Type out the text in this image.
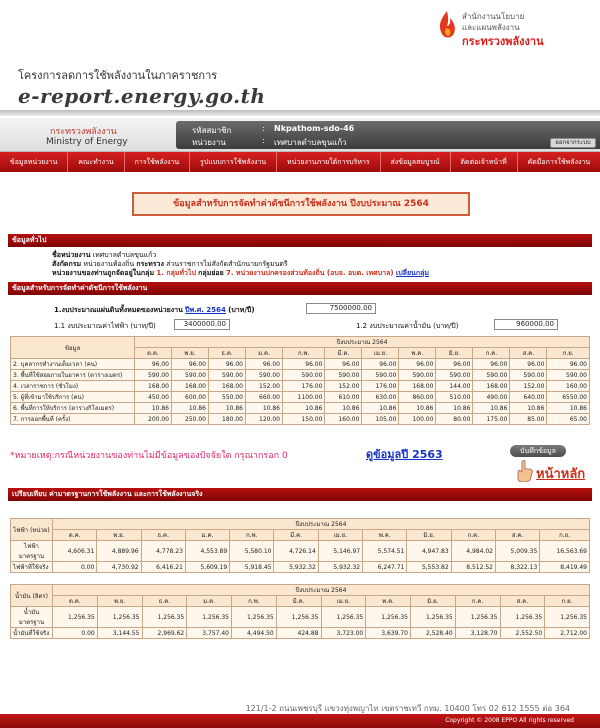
สำนักงานนโยบาย
และแผนพลังงาน
กระทรวงพลังงาน
โครงการลดการใช้พลังงานในภาคราชการ
e-report.energy.go.th
กระทรวงพลังงาน
Ministry of Energy
รหัสสมาชิก	: Nkpathom-sdo-46
หน่วยงาน	: เทศบาลตำบลขุนแก้ว	ออกจากระบบ
ข้อมูลหน่วยงาน	คณะทำงาน	การใช้พลังงาน	รูปแบบการใช้พลังงาน	หน่วยงานภายใต้การบริหาร	ส่งข้อมูลสมบูรณ์	ติดต่อเจ้าหน้าที่	คัดมือการใช้พลังงาน
ข้อมูลสำหรับการจัดทำค่าดัชนีการใช้พลังงาน ปีงบประมาณ 2564
ข้อมูลทั่วไป
ชื่อหน่วยงาน เทศบาลตำบลขุนแก้ว
สังกัดกรม หน่วยงานท้องถิ่น กระทรวง ส่วนราชการไม่สังกัดสำนักนายกรัฐมนตรี
หน่วยงานของท่านถูกจัดอยู่ในกลุ่ม 1. กลุ่มทั่วไป กลุ่มย่อย 7. หน่วยงานปกครองส่วนท้องถิ่น (อบจ. อบต. เทศบาล) เปลี่ยนกลุ่ม
ข้อมูลสำหรับการจัดทำค่าดัชนีการใช้พลังงาน
1.งบประมาณแผ่นดินทั้งหมดของหน่วยงาน ปีพ.ศ. 2564 (บาท/ปี)	7500000.00
1.1 งบประมาณค่าไฟฟ้า (บาท/ปี)	3400000.00	1.2 งบประมาณค่าน้ำมัน (บาท/ปี)	960000.00
ข้อมูล	ปีงบประมาณ 2564											
	ต.ค.	พ.ย.	ธ.ค.	ม.ค.	ก.พ.	มี.ค.	เม.ย.	พ.ค.	มิ.ย.	ก.ค.	ส.ค.	ก.ย.
2. บุคลากรทำงานเต็มเวลา (คน)	96.00	96.00	96.00	96.00	96.00	96.00	96.00	96.00	96.00	96.00	96.00	96.00
3. พื้นที่ใช้สอยภายในอาคาร (ตารางเมตร)	590.00	590.00	590.00	590.00	590.00	590.00	590.00	590.00	590.00	590.00	590.00	590.00
4. เวลาราชการ (ชั่วโมง)	168.00	168.00	168.00	152.00	176.00	152.00	176.00	168.00	144.00	168.00	152.00	160.00
5. ผู้ที่เข้ามาใช้บริการ (คน)	450.00	600.00	550.00	660.00	1100.00	610.00	630.00	860.00	510.00	490.00	640.00	6550.00
6. พื้นที่การให้บริการ (ตารางกิโลเมตร)	10.86	10.86	10.86	10.86	10.86	10.86	10.86	10.86	10.86	10.86	10.86	10.86
7. การออกพื้นที่ (ครั้ง)	200.00	250.00	180.00	120.00	150.00	160.00	105.00	100.00	80.00	175.00	85.00	65.00
*หมายเหตุ:กรณีหน่วยงานของท่านไม่มีข้อมูลของปัจจัยใด กรุณากรอก 0	ดูข้อมูลปี 2563	บันทึกข้อมูล
หน้าหลัก
เปรียบเทียบ ค่ามาตรฐานการใช้พลังงาน และการใช้พลังงานจริง
ไฟฟ้า (หน่วย)	ปีงบประมาณ 2564											
	ต.ค.	พ.ย.	ธ.ค.	ม.ค.	ก.พ.	มี.ค.	เม.ย.	พ.ค.	มิ.ย.	ก.ค.	ส.ค.	ก.ย.
ไฟฟ้ามาตรฐาน	4,606.31	4,889.96	4,778.23	4,553.89	5,580.10	4,726.14	5,146.97	5,574.51	4,947.83	4,984.02	5,009.35	16,563.69
ไฟฟ้าที่ใช้จริง	0.00	4,730.92	6,416.21	5,609.19	5,918.45	5,932.32	5,932.32	6,247.71	5,553.82	8,512.52	8,322.13	8,419.49
น้ำมัน (ลิตร)	ปีงบประมาณ 2564											
	ต.ค.	พ.ย.	ธ.ค.	ม.ค.	ก.พ.	มี.ค.	เม.ย.	พ.ค.	มิ.ย.	ก.ค.	ส.ค.	ก.ย.
น้ำมันมาตรฐาน	1,256.35	1,256.35	1,256.35	1,256.35	1,256.35	1,256.35	1,256.35	1,256.35	1,256.35	1,256.35	1,256.35	1,256.35
น้ำมันที่ใช้จริง	0.00	3,144.55	2,969.62	3,757.40	4,494.50	424.88	3,723.00	3,639.70	2,528.40	3,128.70	2,552.50	2,712.00
121/1-2 ถนนเพชรบุรี แขวงทุ่งพญาไท เขตราชเทวี กทม. 10400 โทร 02 612 1555 ต่อ 364
Copyright © 2008 EPPO All rights reserved
